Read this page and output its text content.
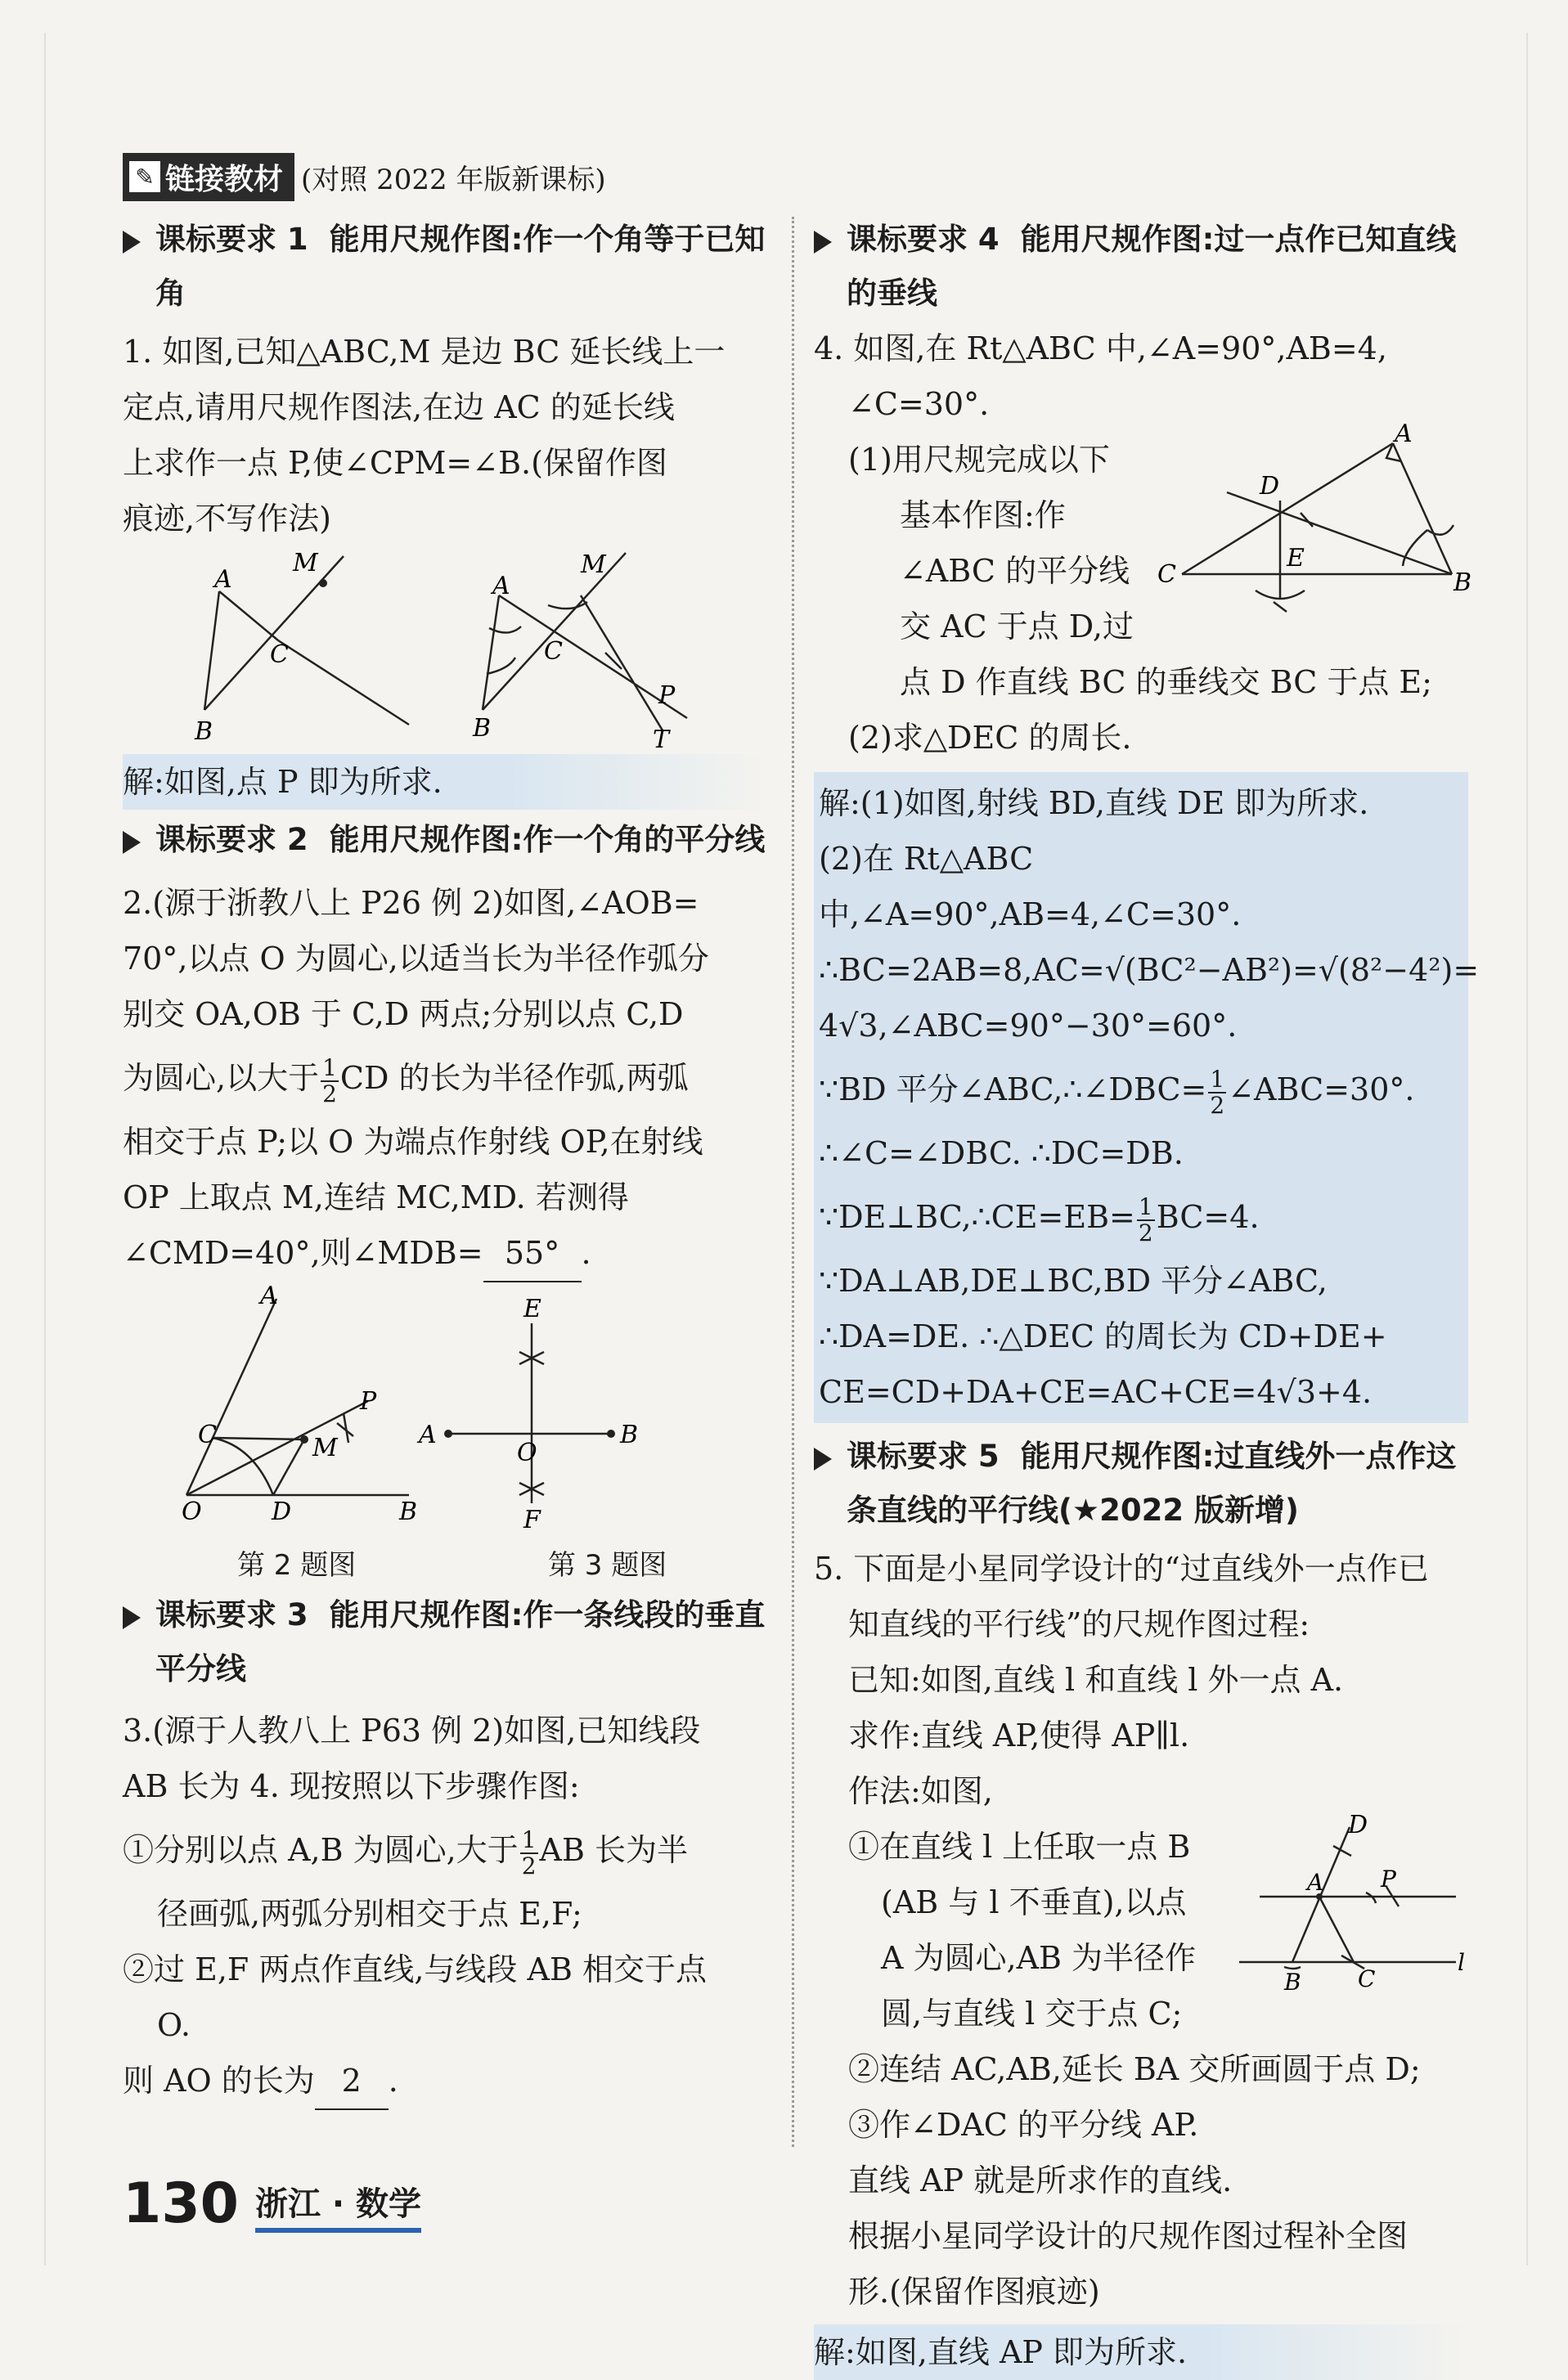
✎ 链接教材 (对照 2022 年版新课标)
课标要求 1 能用尺规作图:作一个角等于已知角
1. 如图,已知△ABC,M 是边 BC 延长线上一
定点,请用尺规作图法,在边 AC 的延长线
上求作一点 P,使∠CPM=∠B.(保留作图
痕迹,不写作法)
A
M
C
B
A
M
C
B
P
T
解:如图,点 P 即为所求.
课标要求 2 能用尺规作图:作一个角的平分线
2.(源于浙教八上 P26 例 2)如图,∠AOB=
70°,以点 O 为圆心,以适当长为半径作弧分
别交 OA,OB 于 C,D 两点;分别以点 C,D
为圆心,以大于 $\frac{1}{2}$ CD 的长为半径作弧,两弧
相交于点 P;以 O 为端点作射线 OP,在射线
OP 上取点 M,连结 MC,MD. 若测得
∠CMD=40°,则∠MDB= 55° .
A
P
C	M
O	D	B
E
A
O
B
F
第 2 题图	第 3 题图
课标要求 3 能用尺规作图:作一条线段的垂直平分线
3.(源于人教八上 P63 例 2)如图,已知线段
AB 长为 4. 现按照以下步骤作图:
①分别以点 A,B 为圆心,大于 $\frac{1}{2}$ AB 长为半
径画弧,两弧分别相交于点 E,F;
②过 E,F 两点作直线,与线段 AB 相交于点
O.
则 AO 的长为 2 .
课标要求 4 能用尺规作图:过一点作已知直线的垂线
4. 如图,在 Rt△ABC 中,∠A=90°,AB=4,
∠C=30°.
(1)用尺规完成以下
基本作图:作
∠ABC 的平分线
交 AC 于点 D,过
点 D 作直线 BC 的垂线交 BC 于点 E;
(2)求△DEC 的周长.
A
D
C
E
B
解:(1)如图,射线 BD,直线 DE 即为所求.
(2)在 Rt△ABC 中,∠A=90°,AB=4,∠C=30°.
∴BC=2AB=8,AC=√(BC²−AB²)=√(8²−4²)=
4√3,∠ABC=90°−30°=60°.
∵BD 平分∠ABC,∴∠DBC= $\frac{1}{2}$ ∠ABC=30°.
∴∠C=∠DBC. ∴DC=DB.
∵DE⊥BC,∴CE=EB= $\frac{1}{2} BC=4$.
∵DA⊥AB,DE⊥BC,BD 平分∠ABC,
∴DA=DE. ∴△DEC 的周长为 CD+DE+
CE=CD+DA+CE=AC+CE=4√3+4.
课标要求 5 能用尺规作图:过直线外一点作这条直线的平行线(★2022 版新增)
5. 下面是小星同学设计的“过直线外一点作已
知直线的平行线”的尺规作图过程:
已知:如图,直线 l 和直线 l 外一点 A.
求作:直线 AP,使得 AP∥l.
作法:如图,
①在直线 l 上任取一点 B
(AB 与 l 不垂直),以点
A 为圆心,AB 为半径作
圆,与直线 l 交于点 C;
②连结 AC,AB,延长 BA 交所画圆于点 D;
③作∠DAC 的平分线 AP.
直线 AP 就是所求作的直线.
根据小星同学设计的尺规作图过程补全图
形.(保留作图痕迹)
D
A P
l
B C
解:如图,直线 AP 即为所求.
130 浙江 · 数学
